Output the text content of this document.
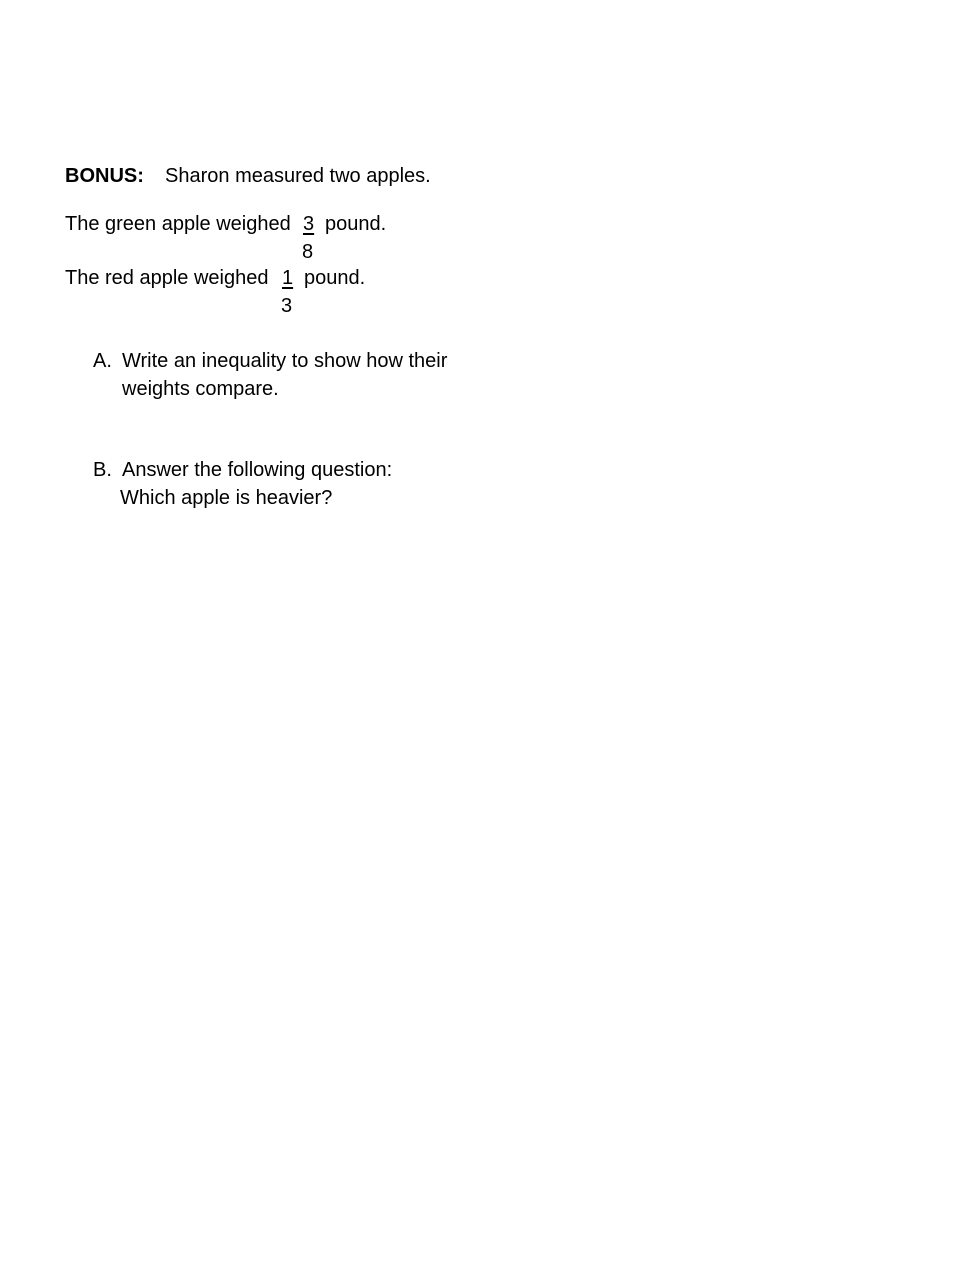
BONUS: Sharon measured two apples.
The green apple weighed 3 pound.
8
The red apple weighed 1 pound.
3
A. Write an inequality to show how their
weights compare.
B. Answer the following question:
Which apple is heavier?
